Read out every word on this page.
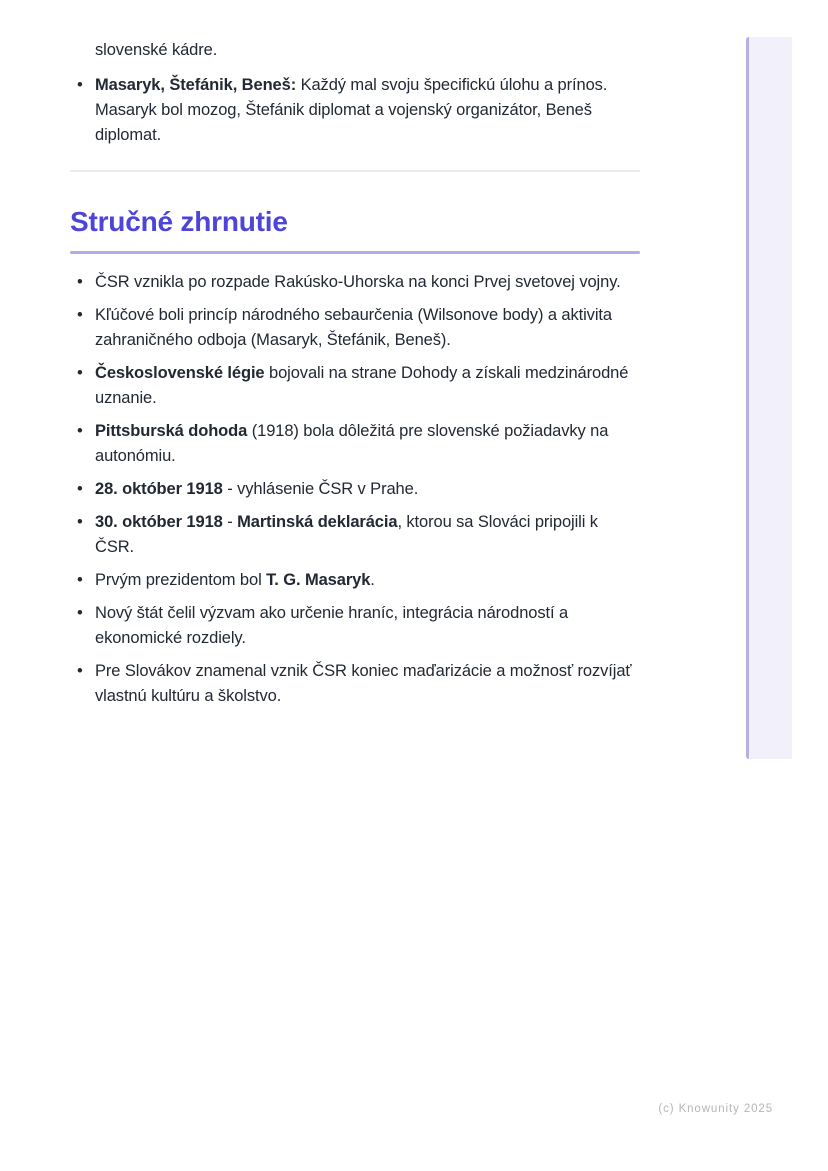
slovenské kádre.

• Masaryk, Štefánik, Beneš: Každý mal svoju špecifickú úlohu a prínos. Masaryk bol mozog, Štefánik diplomat a vojenský organizátor, Beneš diplomat.
Stručné zhrnutie
• ČSR vznikla po rozpade Rakúsko-Uhorska na konci Prvej svetovej vojny.
• Kľúčové boli princíp národného sebaurčenia (Wilsonove body) a aktivita zahraničného odboja (Masaryk, Štefánik, Beneš).
• Československé légie bojovali na strane Dohody a získali medzinárodné uznanie.
• Pittsburská dohoda (1918) bola dôležitá pre slovenské požiadavky na autonómiu.
• 28. október 1918 - vyhlásenie ČSR v Prahe.
• 30. október 1918 - Martinská deklarácia, ktorou sa Slováci pripojili k ČSR.
• Prvým prezidentom bol T. G. Masaryk.
• Nový štát čelil výzvam ako určenie hraníc, integrácia národností a ekonomické rozdiely.
• Pre Slovákov znamenal vznik ČSR koniec maďarizácie a možnosť rozvíjať vlastnú kultúru a školstvo.
(c) Knowunity 2025
